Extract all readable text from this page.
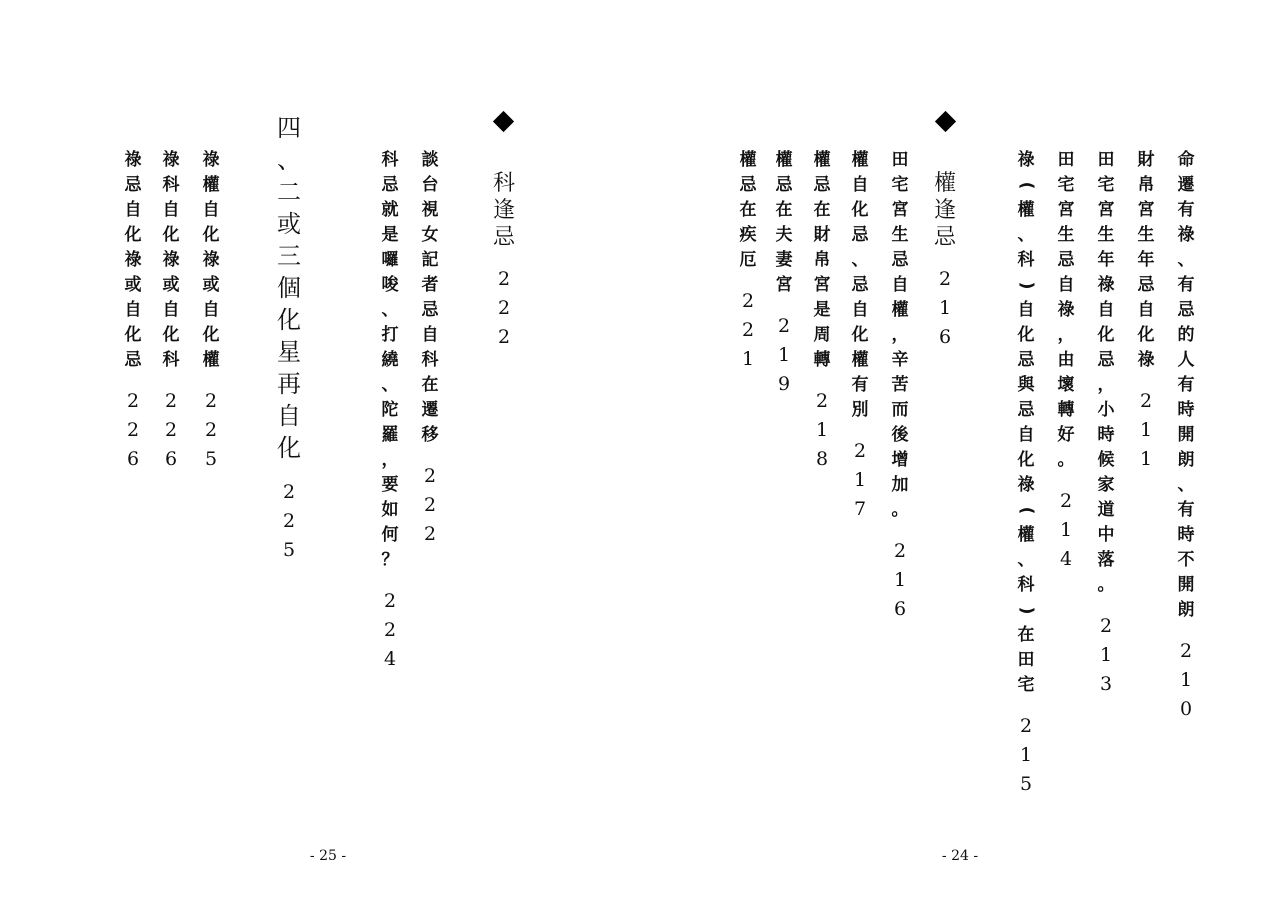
命
遷
有
祿
、
有
忌
的
人
有
時
開
朗
、
有
時
不
開
朗
2
1
0
財
帛
宮
生
年
忌
自
化
祿
2
1
1
田
宅
宮
生
年
祿
自
化
忌
，
小
時
候
家
道
中
落
。
2
1
3
田
宅
宮
生
忌
自
祿
，
由
壞
轉
好
。
2
1
4
祿
(
權
、
科
)
自
化
忌
與
忌
自
化
祿
(
權
、
科
)
在
田
宅
2
1
5
權
逢
忌
2
1
6
田
宅
宮
生
忌
自
權
，
辛
苦
而
後
增
加
。
2
1
6
權
自
化
忌
、
忌
自
化
權
有
別
2
1
7
權
忌
在
財
帛
宮
是
周
轉
2
1
8
權
忌
在
夫
妻
宮
2
1
9
權
忌
在
疾
厄
2
2
1
- 24 -
科
逢
忌
2
2
2
談
台
視
女
記
者
忌
自
科
在
遷
移
2
2
2
科
忌
就
是
囉
唆
、
打
繞
、
陀
羅
，
要
如
何
？
2
2
4
四
、
二
或
三
個
化
星
再
自
化
2
2
5
祿
權
自
化
祿
或
自
化
權
2
2
5
祿
科
自
化
祿
或
自
化
科
2
2
6
祿
忌
自
化
祿
或
自
化
忌
2
2
6
- 25 -
